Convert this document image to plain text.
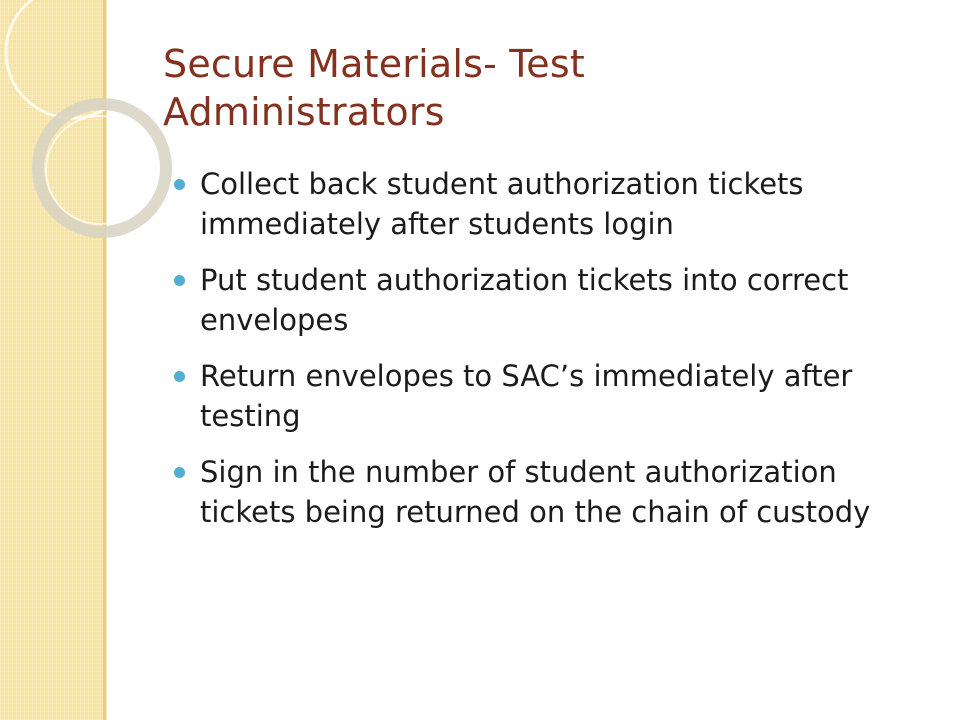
Secure Materials- Test
Administrators
Collect back student authorization tickets immediately after students login
Put student authorization tickets into correct envelopes
Return envelopes to SAC’s immediately after testing
Sign in the number of student authorization tickets being returned on the chain of custody
